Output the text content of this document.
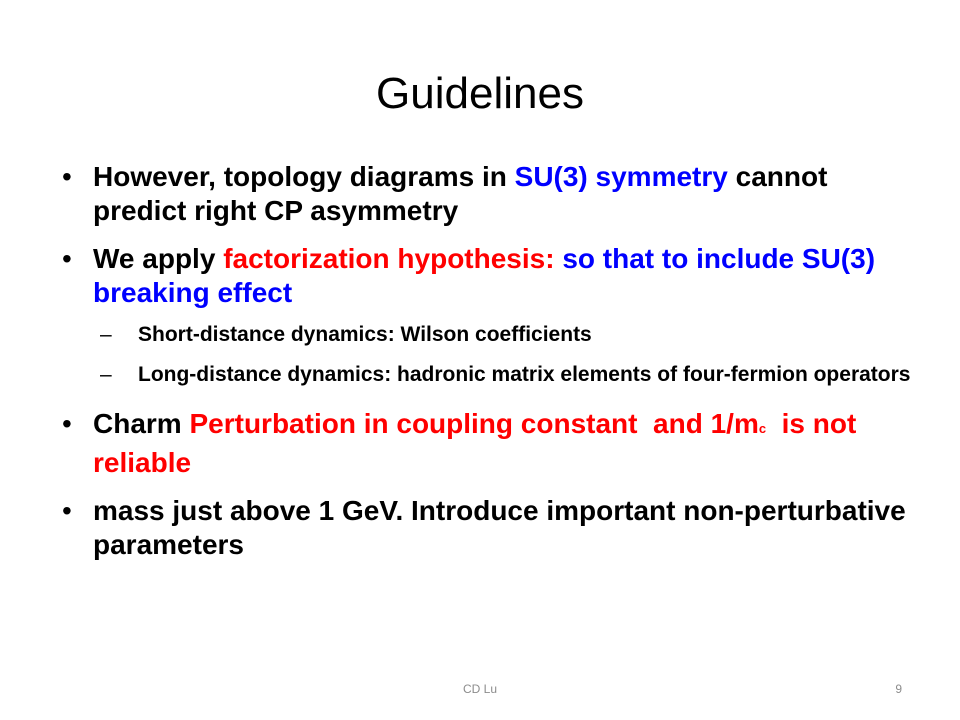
Guidelines
• However, topology diagrams in SU(3) symmetry cannot predict right CP asymmetry
• We apply factorization hypothesis: so that to include SU(3) breaking effect
– Short-distance dynamics: Wilson coefficients
– Long-distance dynamics: hadronic matrix elements of four-fermion operators
• Charm Perturbation in coupling constant  and 1/mc  is not reliable
• mass just above 1 GeV. Introduce important non-perturbative parameters
CD Lu	9
